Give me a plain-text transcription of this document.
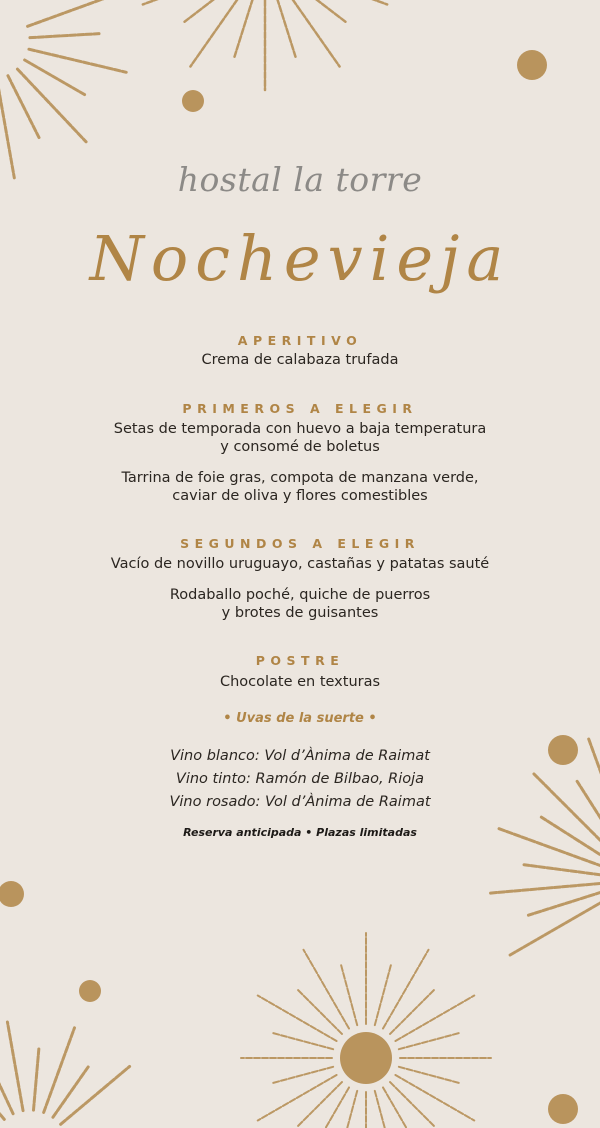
hostal la torre
Nochevieja
APERITIVO
Crema de calabaza trufada
PRIMEROS A ELEGIR
Setas de temporada con huevo a baja temperatura
y consomé de boletus
Tarrina de foie gras, compota de manzana verde,
caviar de oliva y flores comestibles
SEGUNDOS A ELEGIR
Vacío de novillo uruguayo, castañas y patatas sauté
Rodaballo poché, quiche de puerros
y brotes de guisantes
POSTRE
Chocolate en texturas
• Uvas de la suerte •
Vino blanco: Vol d’Ànima de Raimat
Vino tinto: Ramón de Bilbao, Rioja
Vino rosado: Vol d’Ànima de Raimat
Reserva anticipada • Plazas limitadas
